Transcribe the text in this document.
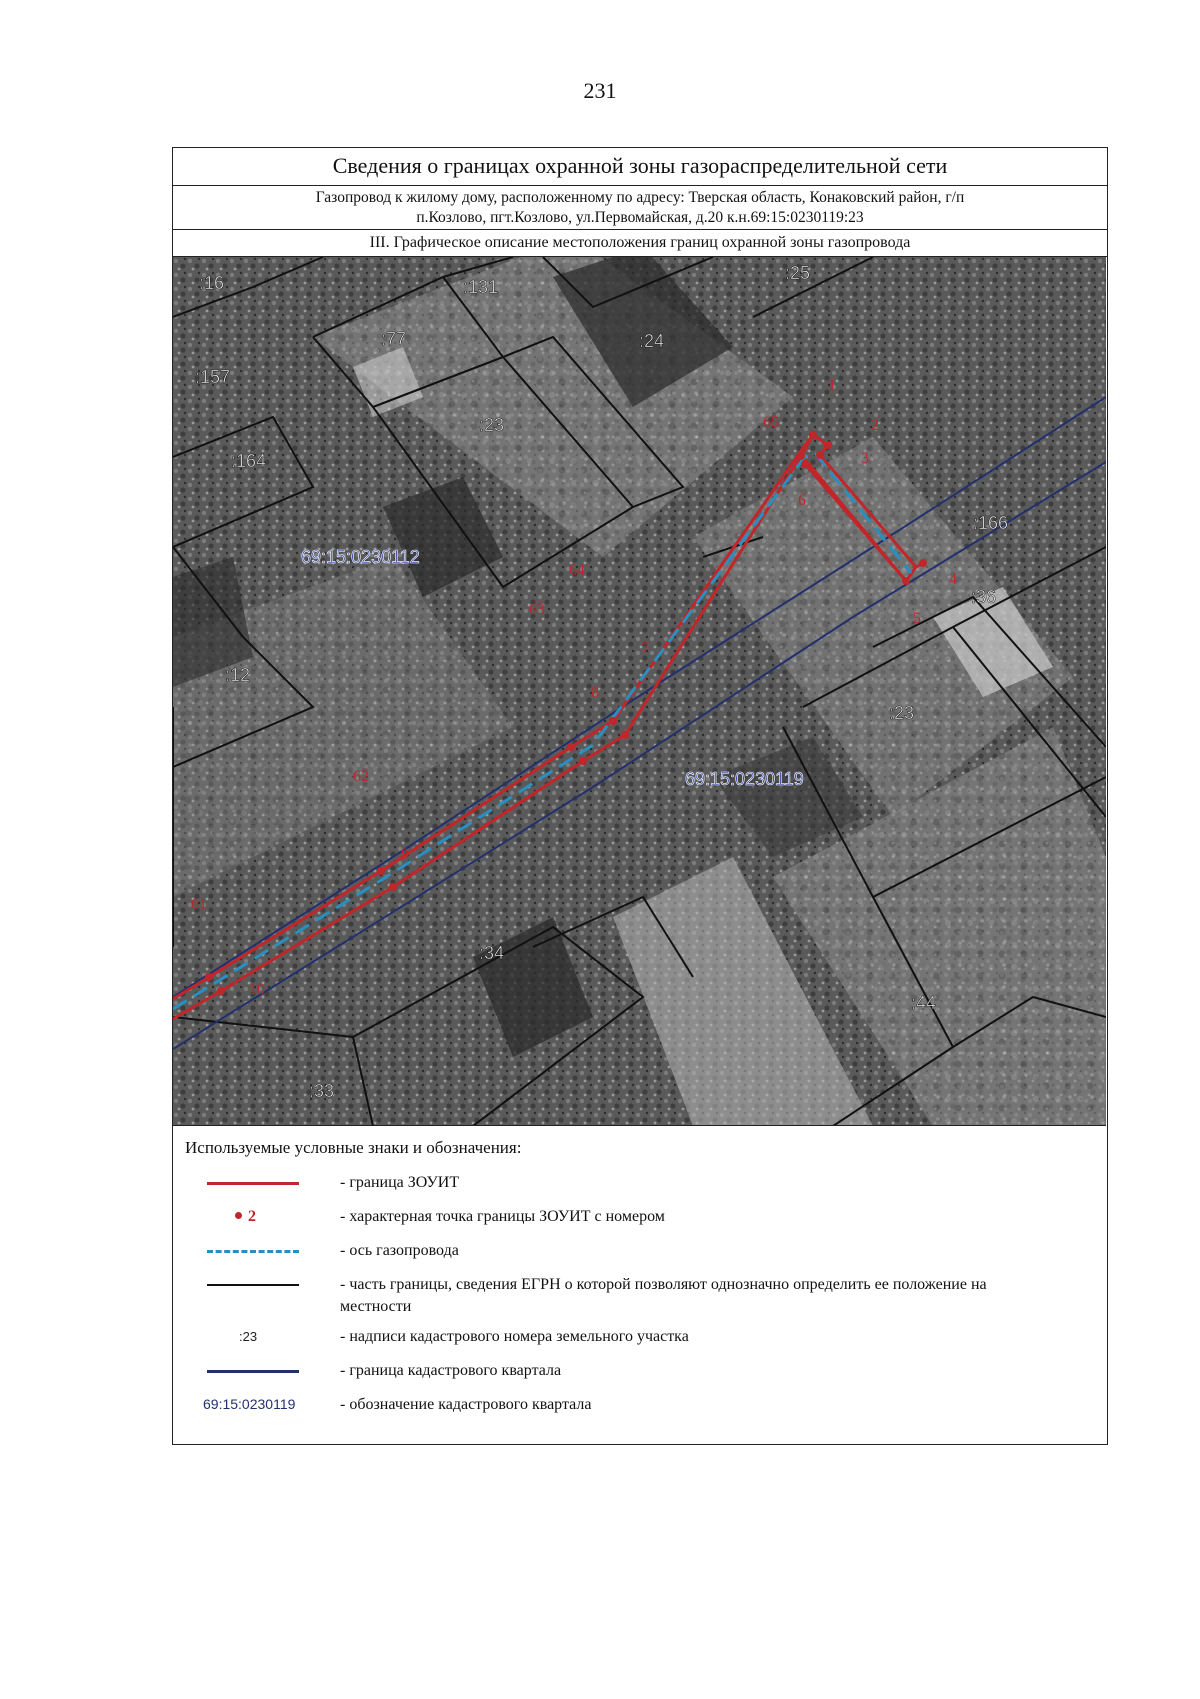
231
Сведения о границах охранной зоны газораспределительной сети
Газопровод к жилому дому, расположенному по адресу: Тверская область, Конаковский район, г/п
п.Козлово, пгт.Козлово, ул.Первомайская, д.20 к.н.69:15:0230119:23
III. Графическое описание местоположения границ охранной зоны газопровода
1
2
3
4
5
6
7
8
9
10
61
62
63
64
65
69:15:0230112
69:15:0230119
:16	:131
:25
:77	:24
:157
:23
:164
:166
:36
:12
:23
:34
:44
:33
Используемые условные знаки и обозначения:
- граница ЗОУИТ
2	- характерная точка границы ЗОУИТ с номером
- ось газопровода
- часть границы, сведения ЕГРН о которой позволяют однозначно определить ее положение на местности
:23	- надписи кадастрового номера земельного участка
- граница кадастрового квартала
69:15:0230119	- обозначение кадастрового квартала
